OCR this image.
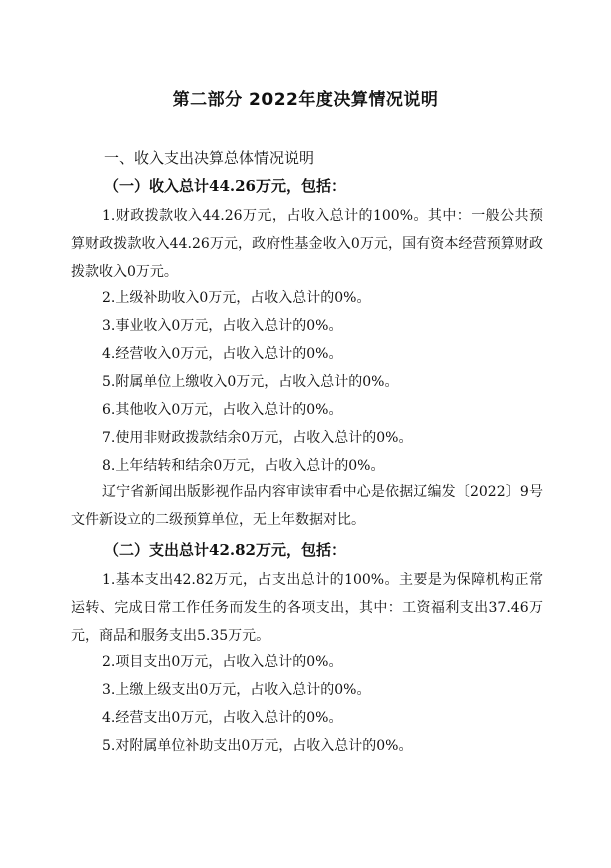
第二部分 2022年度决算情况说明
一、收入支出决算总体情况说明
（一）收入总计44.26万元，包括：

1.财政拨款收入44.26万元，占收入总计的100%。其中：一般公共预算财政拨款收入44.26万元，政府性基金收入0万元，国有资本经营预算财政拨款收入0万元。

2.上级补助收入0万元，占收入总计的0%。
3.事业收入0万元，占收入总计的0%。
4.经营收入0万元，占收入总计的0%。
5.附属单位上缴收入0万元，占收入总计的0%。
6.其他收入0万元，占收入总计的0%。
7.使用非财政拨款结余0万元，占收入总计的0%。
8.上年结转和结余0万元，占收入总计的0%。

辽宁省新闻出版影视作品内容审读审看中心是依据辽编发〔2022〕9号文件新设立的二级预算单位，无上年数据对比。

（二）支出总计42.82万元，包括：

1.基本支出42.82万元，占支出总计的100%。主要是为保障机构正常运转、完成日常工作任务而发生的各项支出，其中：工资福利支出37.46万元，商品和服务支出5.35万元。

2.项目支出0万元，占收入总计的0%。
3.上缴上级支出0万元，占收入总计的0%。
4.经营支出0万元，占收入总计的0%。
5.对附属单位补助支出0万元，占收入总计的0%。
